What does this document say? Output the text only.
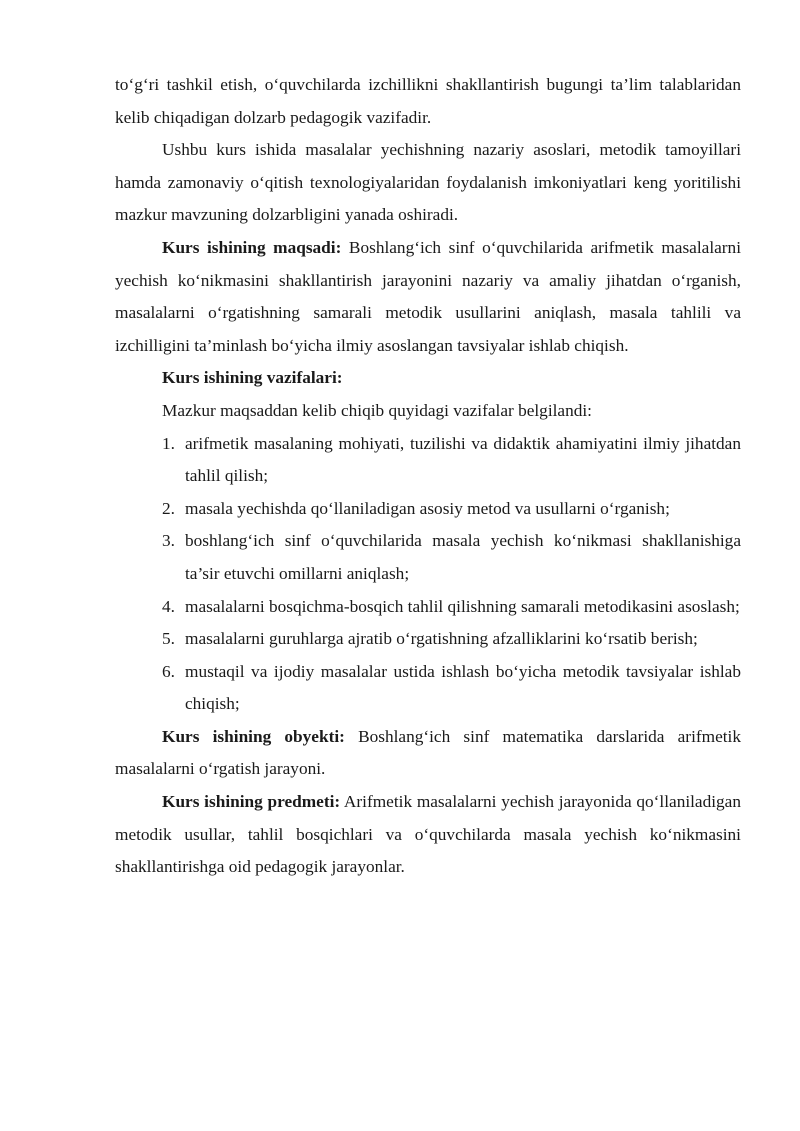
to‘g‘ri tashkil etish, o‘quvchilarda izchillikni shakllantirish bugungi ta’lim talablaridan kelib chiqadigan dolzarb pedagogik vazifadir.

Ushbu kurs ishida masalalar yechishning nazariy asoslari, metodik tamoyillari hamda zamonaviy o‘qitish texnologiyalaridan foydalanish imkoniyatlari keng yoritilishi mazkur mavzuning dolzarbligini yanada oshiradi.

Kurs ishining maqsadi: Boshlang‘ich sinf o‘quvchilarida arifmetik masalalarni yechish ko‘nikmasini shakllantirish jarayonini nazariy va amaliy jihatdan o‘rganish, masalalarni o‘rgatishning samarali metodik usullarini aniqlash, masala tahlili va izchilligini ta’minlash bo‘yicha ilmiy asoslangan tavsiyalar ishlab chiqish.

Kurs ishining vazifalari:

Mazkur maqsaddan kelib chiqib quyidagi vazifalar belgilandi:

1. arifmetik masalaning mohiyati, tuzilishi va didaktik ahamiyatini ilmiy jihatdan tahlil qilish;
2. masala yechishda qo‘llaniladigan asosiy metod va usullarni o‘rganish;
3. boshlang‘ich sinf o‘quvchilarida masala yechish ko‘nikmasi shakllanishiga ta’sir etuvchi omillarni aniqlash;
4. masalalarni bosqichma-bosqich tahlil qilishning samarali metodikasini asoslash;
5. masalalarni guruhlarga ajratib o‘rgatishning afzalliklarini ko‘rsatib berish;
6. mustaqil va ijodiy masalalar ustida ishlash bo‘yicha metodik tavsiyalar ishlab chiqish;

Kurs ishining obyekti: Boshlang‘ich sinf matematika darslarida arifmetik masalalarni o‘rgatish jarayoni.

Kurs ishining predmeti: Arifmetik masalalarni yechish jarayonida qo‘llaniladigan metodik usullar, tahlil bosqichlari va o‘quvchilarda masala yechish ko‘nikmasini shakllantirishga oid pedagogik jarayonlar.
